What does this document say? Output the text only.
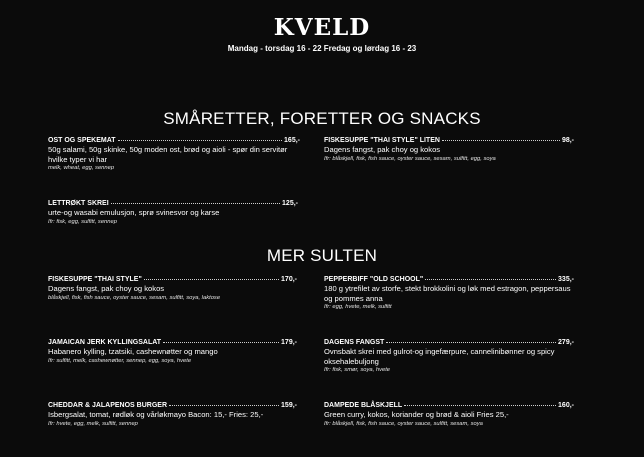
KVELD
Mandag - torsdag 16 - 22 Fredag og lørdag 16 - 23
SMÅRETTER, FORETTER OG SNACKS
OST OG SPEKEMAT	165,-
50g salami, 50g skinke, 50g moden ost, brød og aioli - spør din servitør hvilke typer vi har
melk, wheat, egg, sennep
FISKESUPPE "THAI STYLE" LITEN	98,-
Dagens fangst, pak choy og kokos
Ifr: blåskjell, fisk, fish sauce, oyster sauce, sesam, sulfitt, egg, soya
LETTRØKT SKREI	125,-
urte-og wasabi emulusjon, sprø svinesvor og karse
Ifr: fisk, egg, sulfitt, sennep
MER SULTEN
FISKESUPPE "THAI STYLE"	170,-
Dagens fangst, pak choy og kokos
blåskjell, fisk, fish sauce, oyster sauce, sesam, sulfitt, soya, laktose
PEPPERBIFF "OLD SCHOOL"	335,-
180 g ytrefilet av storfe, stekt brokkolini og løk med estragon, peppersaus og pommes anna
Ifr: egg, hvete, melk, sulfitt
JAMAICAN JERK KYLLINGSALAT	179,-
Habanero kylling, tzatsiki, cashewnøtter og mango
Ifr: sulfitt, melk, cashewnøtter, sennep, egg, soya, hvete
DAGENS FANGST	279,-
Ovnsbakt skrei med gulrot-og ingefærpure, cannelinibønner og spicy oksehalebuljong
Ifr: fisk, smør, soya, hvete
CHEDDAR & JALAPENOS BURGER	159,-
Isbergsalat, tomat, rødløk og vårløkmayo Bacon: 15,- Fries: 25,-
Ifr: hvete, egg, melk, sulfitt, sennep
DAMPEDE BLÅSKJELL	160,-
Green curry, kokos, koriander og brød & aioli Fries 25,-
Ifr: blåskjell, fisk, fish sauce, oyster sauce, sulfitt, sesam, soya
